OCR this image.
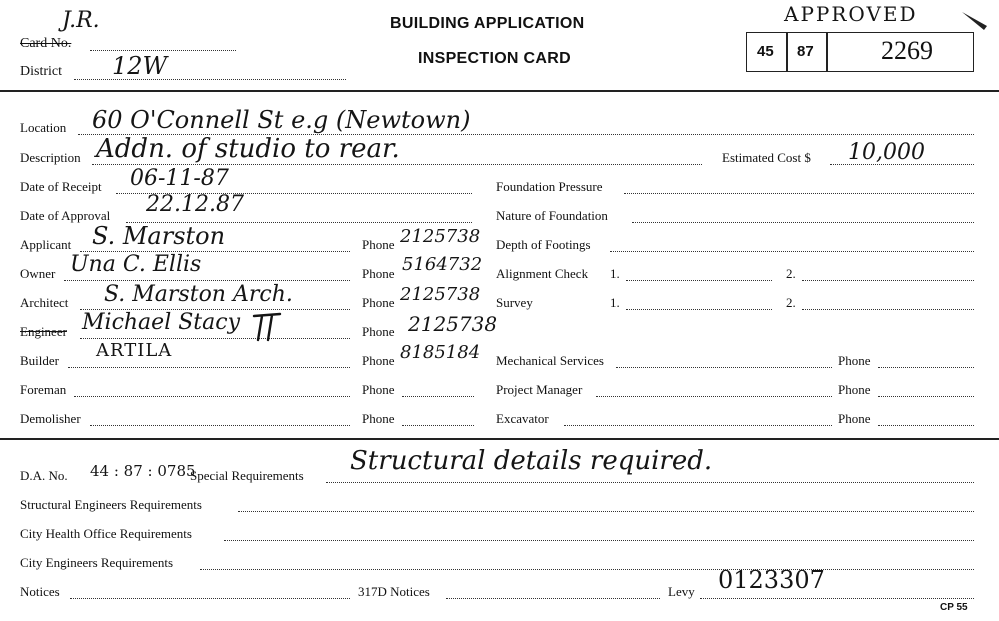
J.R.
Card No.
District 12W
BUILDING APPLICATION
INSPECTION CARD
APPROVED
45 87	2269
Location 60 O'Connell St e.g (Newtown)
Description Addn. of studio to rear.	Estimated Cost $ 10,000
Date of Receipt 06-11-87	Foundation Pressure
Date of Approval 22.12.87	Nature of Foundation
Applicant S. Marston	Phone 2125738 Depth of Footings
Owner Una C. Ellis	Phone 5164732 Alignment Check 1.	2.
Architect S. Marston Arch.	Phone 2125738 Survey	1.	2.
Engineer Michael Stacy	Phone 2125738
Builder ARTILA	Phone 8185184 Mechanical Services	Phone
Foreman	Phone	Project Manager	Phone
Demolisher	Phone	Excavator	Phone
D.A. No. 44 : 87 : 0785
Special Requirements Structural details required.
Structural Engineers Requirements
City Health Office Requirements
City Engineers Requirements
Notices	317D Notices	Levy 0123307
CP 55
